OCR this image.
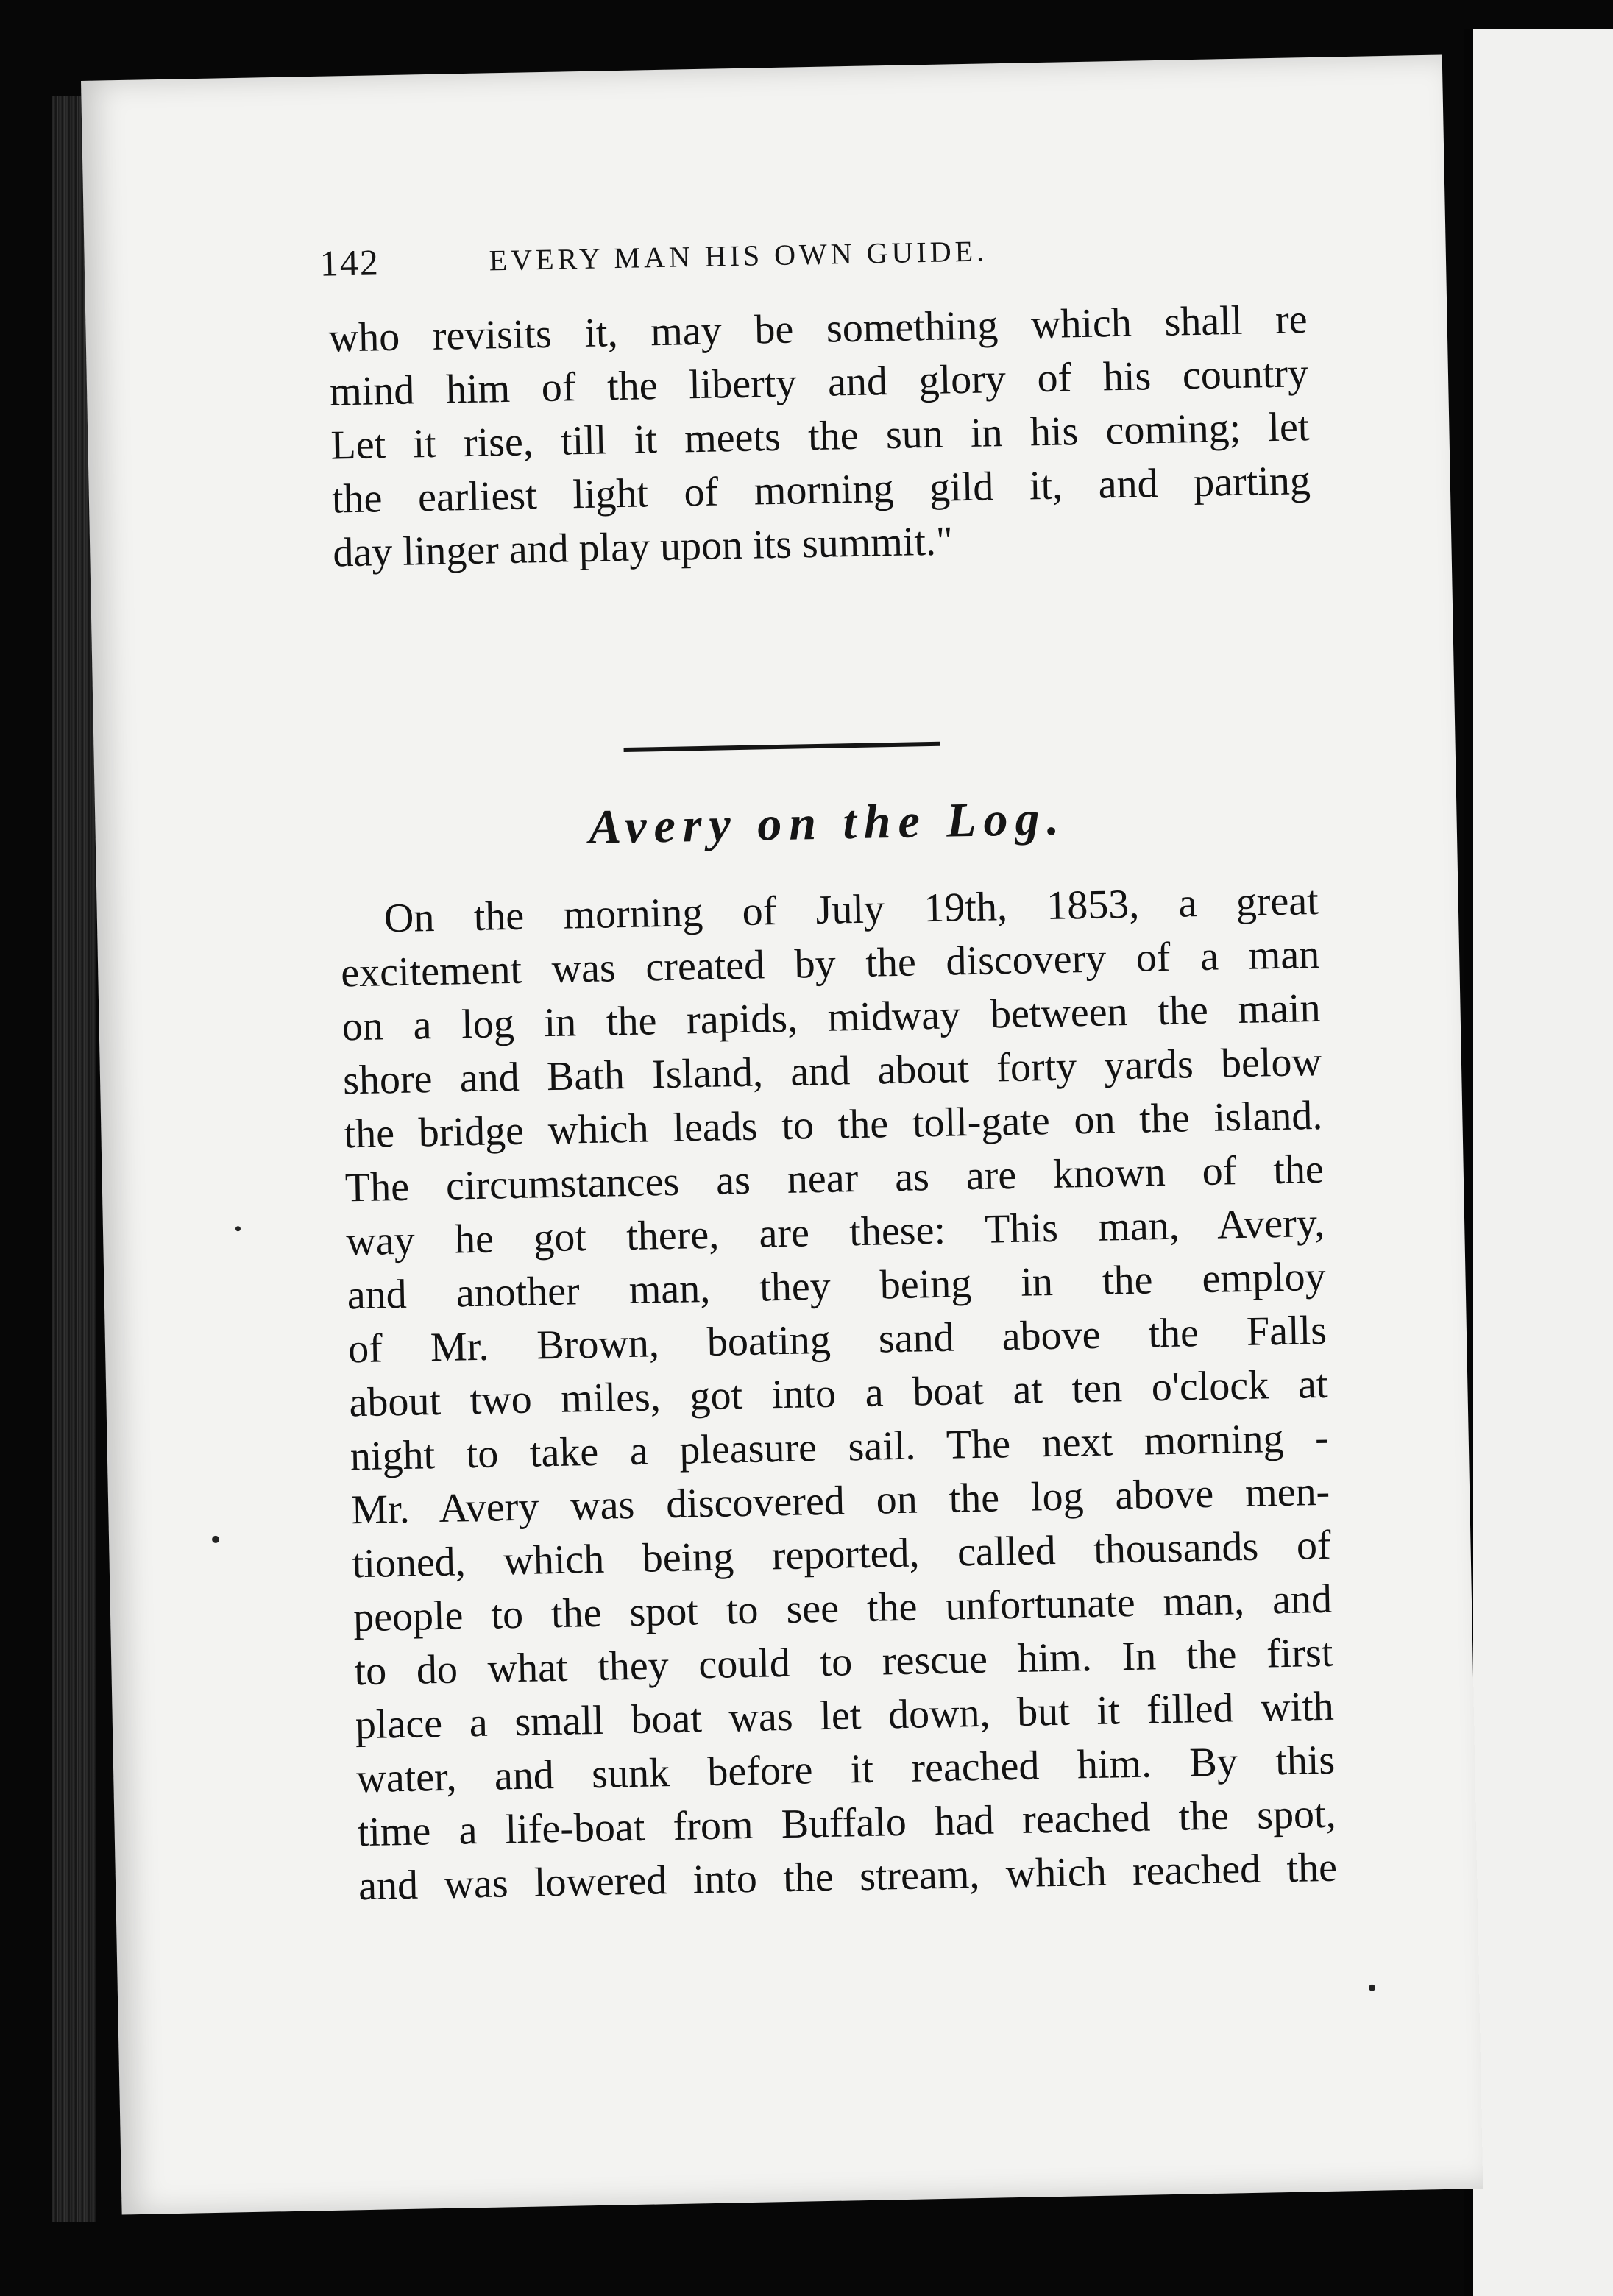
142	EVERY MAN HIS OWN GUIDE.
who revisits it, may be something which shall re
mind him of the liberty and glory of his country
Let it rise, till it meets the sun in his coming; let
the earliest light of morning gild it, and parting
day linger and play upon its summit."
Avery on the Log.
On the morning of July 19th, 1853, a great
excitement was created by the discovery of a man
on a log in the rapids, midway between the main
shore and Bath Island, and about forty yards below
the bridge which leads to the toll-gate on the island.
The circumstances as near as are known of the
way he got there, are these: This man, Avery,
and another man, they being in the employ
of Mr. Brown, boating sand above the Falls
about two miles, got into a boat at ten o'clock at
night to take a pleasure sail. The next morning -
Mr. Avery was discovered on the log above men-
tioned, which being reported, called thousands of
people to the spot to see the unfortunate man, and
to do what they could to rescue him. In the first
place a small boat was let down, but it filled with
water, and sunk before it reached him. By this
time a life-boat from Buffalo had reached the spot,
and was lowered into the stream, which reached the
